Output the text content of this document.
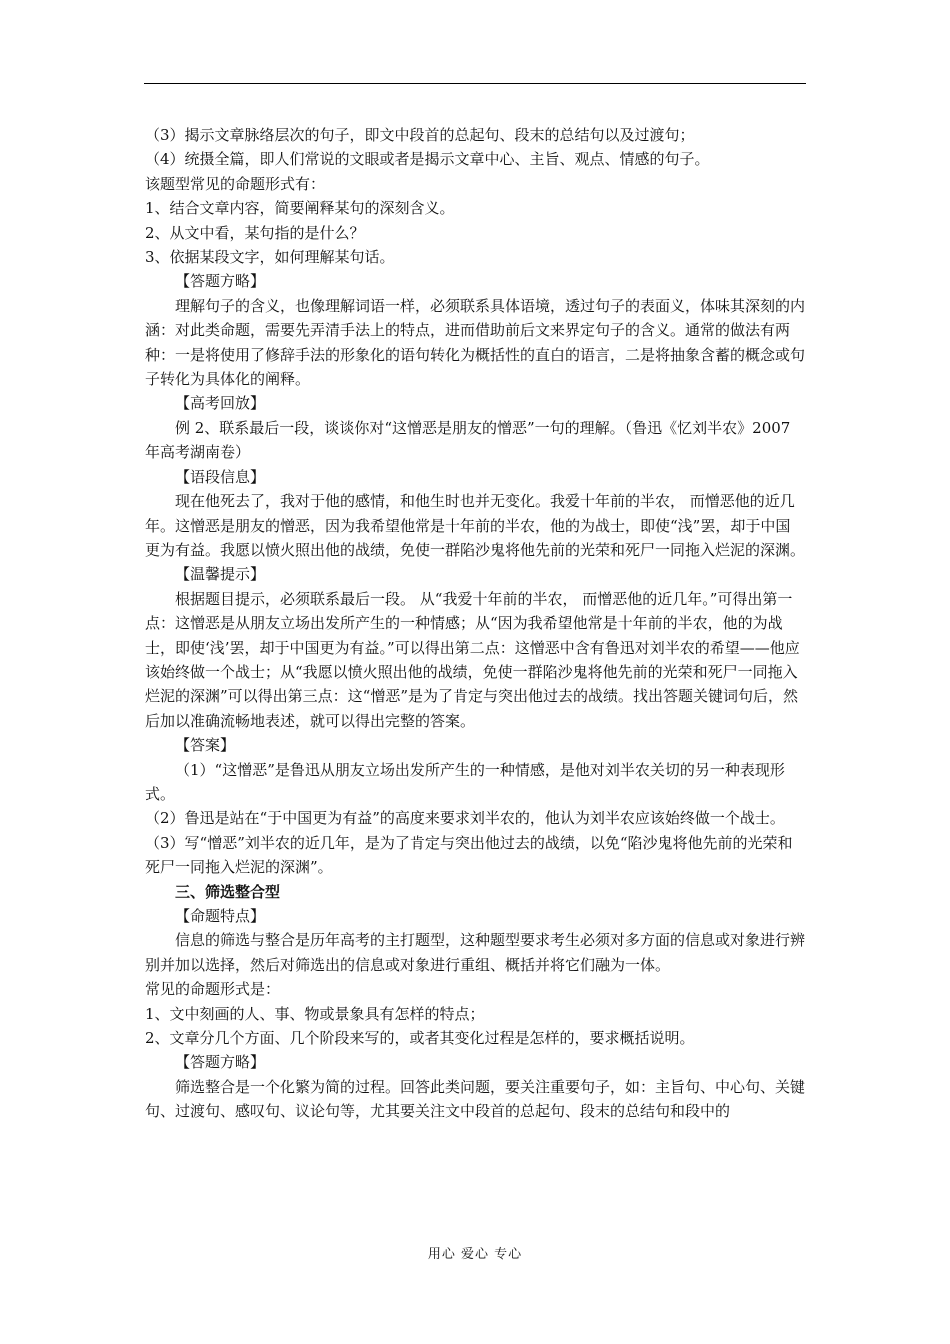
（3）揭示文章脉络层次的句子，即文中段首的总起句、段末的总结句以及过渡句；

（4）统摄全篇，即人们常说的文眼或者是揭示文章中心、主旨、观点、情感的句子。

该题型常见的命题形式有：

1、结合文章内容，简要阐释某句的深刻含义。

2、从文中看，某句指的是什么？

3、依据某段文字，如何理解某句话。

【答题方略】

理解句子的含义，也像理解词语一样，必须联系具体语境，透过句子的表面义，体味其深刻的内涵：对此类命题，需要先弄清手法上的特点，进而借助前后文来界定句子的含义。通常的做法有两种：一是将使用了修辞手法的形象化的语句转化为概括性的直白的语言，二是将抽象含蓄的概念或句子转化为具体化的阐释。

【高考回放】

例 2、联系最后一段，谈谈你对“这憎恶是朋友的憎恶”一句的理解。（鲁迅《忆刘半农》2007 年高考湖南卷）

【语段信息】

现在他死去了，我对于他的感情，和他生时也并无变化。我爱十年前的半农， 而憎恶他的近几年。这憎恶是朋友的憎恶，因为我希望他常是十年前的半农，他的为战士，即使“浅”罢，却于中国更为有益。我愿以愤火照出他的战绩，免使一群陷沙鬼将他先前的光荣和死尸一同拖入烂泥的深渊。

【温馨提示】

根据题目提示，必须联系最后一段。 从“我爱十年前的半农， 而憎恶他的近几年。”可得出第一点：这憎恶是从朋友立场出发所产生的一种情感；从“因为我希望他常是十年前的半农，他的为战士，即使‘浅’罢，却于中国更为有益。”可以得出第二点：这憎恶中含有鲁迅对刘半农的希望——他应该始终做一个战士；从“我愿以愤火照出他的战绩，免使一群陷沙鬼将他先前的光荣和死尸一同拖入烂泥的深渊”可以得出第三点：这“憎恶”是为了肯定与突出他过去的战绩。找出答题关键词句后，然后加以准确流畅地表述，就可以得出完整的答案。

【答案】

（1）“这憎恶”是鲁迅从朋友立场出发所产生的一种情感，是他对刘半农关切的另一种表现形式。

（2）鲁迅是站在“于中国更为有益”的高度来要求刘半农的，他认为刘半农应该始终做一个战士。

（3）写“憎恶”刘半农的近几年，是为了肯定与突出他过去的战绩，以免“陷沙鬼将他先前的光荣和死尸一同拖入烂泥的深渊”。

三、筛选整合型

【命题特点】

信息的筛选与整合是历年高考的主打题型，这种题型要求考生必须对多方面的信息或对象进行辨别并加以选择，然后对筛选出的信息或对象进行重组、概括并将它们融为一体。

常见的命题形式是：

1、文中刻画的人、事、物或景象具有怎样的特点；

2、文章分几个方面、几个阶段来写的，或者其变化过程是怎样的，要求概括说明。

【答题方略】

筛选整合是一个化繁为简的过程。回答此类问题，要关注重要句子，如：主旨句、中心句、关键句、过渡句、感叹句、议论句等，尤其要关注文中段首的总起句、段末的总结句和段中的

用心 爱心 专心
